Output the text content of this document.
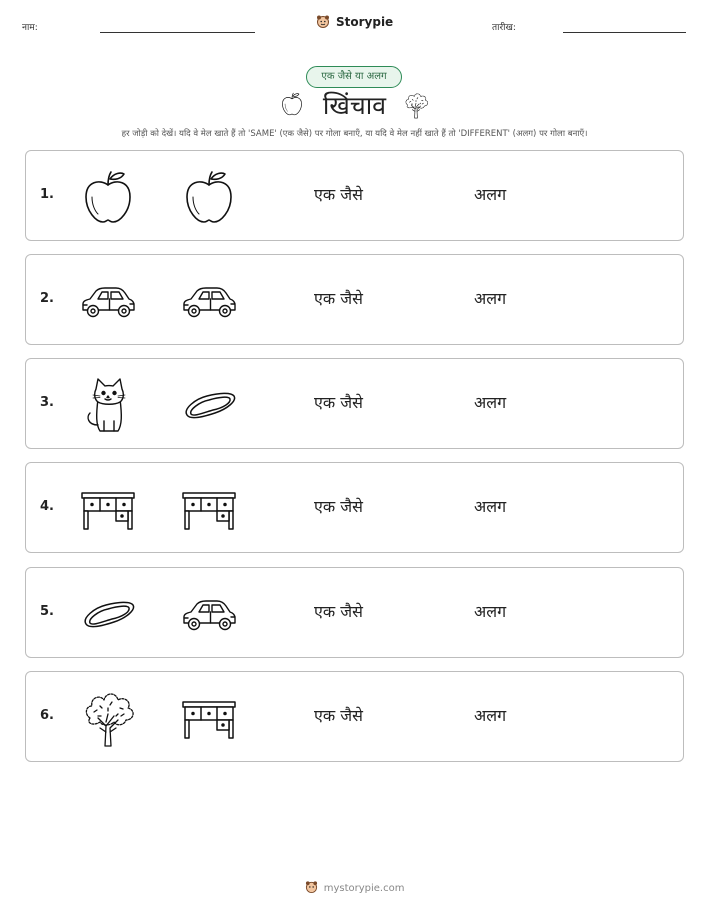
नाम:	Storypie	तारीख:
एक जैसे या अलग
खिंचाव
हर जोड़ी को देखें। यदि वे मेल खाते हैं तो 'SAME' (एक जैसे) पर गोला बनाएँ, या यदि वे मेल नहीं खाते हैं तो 'DIFFERENT' (अलग) पर गोला बनाएँ।
1.	एक जैसे	अलग
2.	एक जैसे	अलग
3.	एक जैसे	अलग
4.	एक जैसे	अलग
5.	एक जैसे	अलग
6.	एक जैसे	अलग
mystorypie.com
